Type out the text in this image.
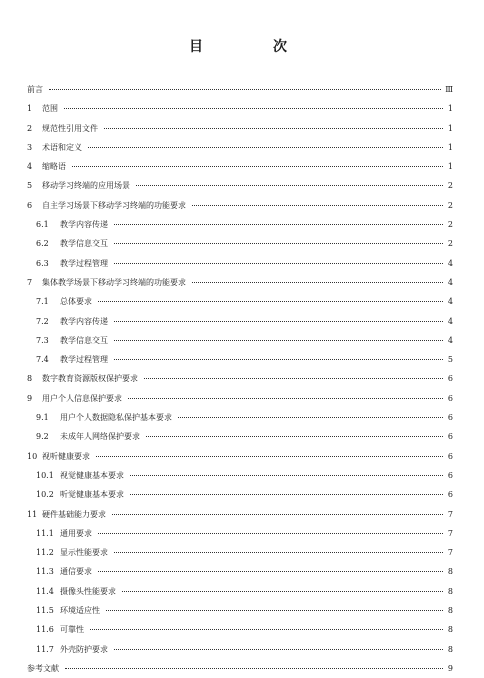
目　次
前言	Ⅲ
1	范围	1
2	规范性引用文件	1
3	术语和定义	1
4	缩略语	1
5	移动学习终端的应用场景	2
6	自主学习场景下移动学习终端的功能要求	2
6.1	教学内容传递	2
6.2	教学信息交互	2
6.3	教学过程管理	4
7	集体教学场景下移动学习终端的功能要求	4
7.1	总体要求	4
7.2	教学内容传递	4
7.3	教学信息交互	4
7.4	教学过程管理	5
8	数字教育资源版权保护要求	6
9	用户个人信息保护要求	6
9.1	用户个人数据隐私保护基本要求	6
9.2	未成年人网络保护要求	6
10 视听健康要求	6
10.1 视觉健康基本要求	6
10.2 听觉健康基本要求	6
11 硬件基础能力要求	7
11.1 通用要求	7
11.2 显示性能要求	7
11.3 通信要求	8
11.4 摄像头性能要求	8
11.5 环境适应性	8
11.6 可靠性	8
11.7 外壳防护要求	8
参考文献	9
